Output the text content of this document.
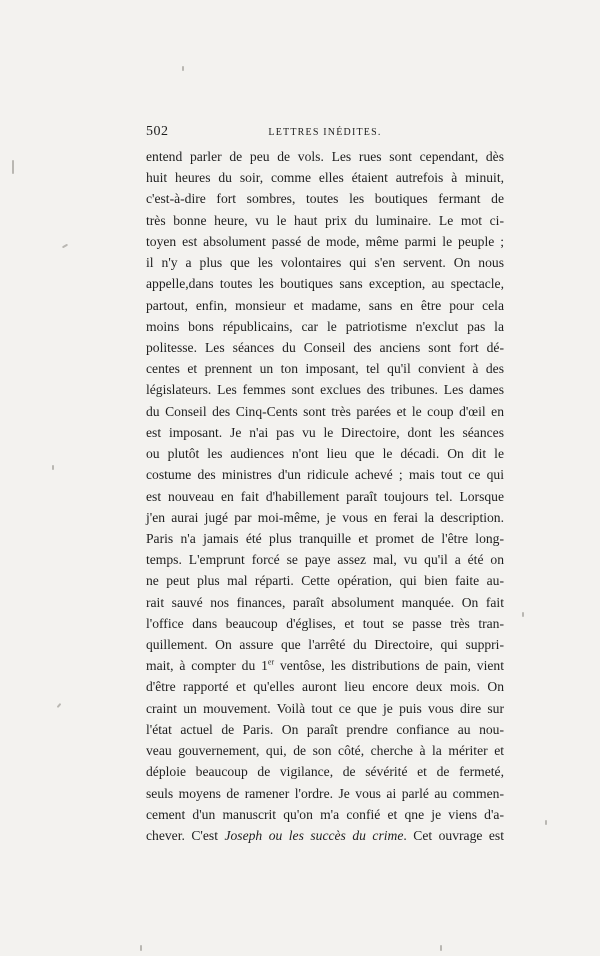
502	LETTRES INÉDITES.
entend parler de peu de vols. Les rues sont cependant, dès
huit heures du soir, comme elles étaient autrefois à minuit,
c'est-à-dire fort sombres, toutes les boutiques fermant de
très bonne heure, vu le haut prix du luminaire. Le mot ci-
toyen est absolument passé de mode, même parmi le peuple ;
il n'y a plus que les volontaires qui s'en servent. On nous
appelle,dans toutes les boutiques sans exception, au spectacle,
partout, enfin, monsieur et madame, sans en être pour cela
moins bons républicains, car le patriotisme n'exclut pas la
politesse. Les séances du Conseil des anciens sont fort dé-
centes et prennent un ton imposant, tel qu'il convient à des
législateurs. Les femmes sont exclues des tribunes. Les dames
du Conseil des Cinq-Cents sont très parées et le coup d'œil en
est imposant. Je n'ai pas vu le Directoire, dont les séances
ou plutôt les audiences n'ont lieu que le décadi. On dit le
costume des ministres d'un ridicule achevé ; mais tout ce qui
est nouveau en fait d'habillement paraît toujours tel. Lorsque
j'en aurai jugé par moi-même, je vous en ferai la description.
Paris n'a jamais été plus tranquille et promet de l'être long-
temps. L'emprunt forcé se paye assez mal, vu qu'il a été on
ne peut plus mal réparti. Cette opération, qui bien faite au-
rait sauvé nos finances, paraît absolument manquée. On fait
l'office dans beaucoup d'églises, et tout se passe très tran-
quillement. On assure que l'arrêté du Directoire, qui suppri-
mait, à compter du 1er ventôse, les distributions de pain, vient
d'être rapporté et qu'elles auront lieu encore deux mois. On
craint un mouvement. Voilà tout ce que je puis vous dire sur
l'état actuel de Paris. On paraît prendre confiance au nou-
veau gouvernement, qui, de son côté, cherche à la mériter et
déploie beaucoup de vigilance, de sévérité et de fermeté,
seuls moyens de ramener l'ordre. Je vous ai parlé au commen-
cement d'un manuscrit qu'on m'a confié et qne je viens d'a-
chever. C'est Joseph ou les succès du crime. Cet ouvrage est
